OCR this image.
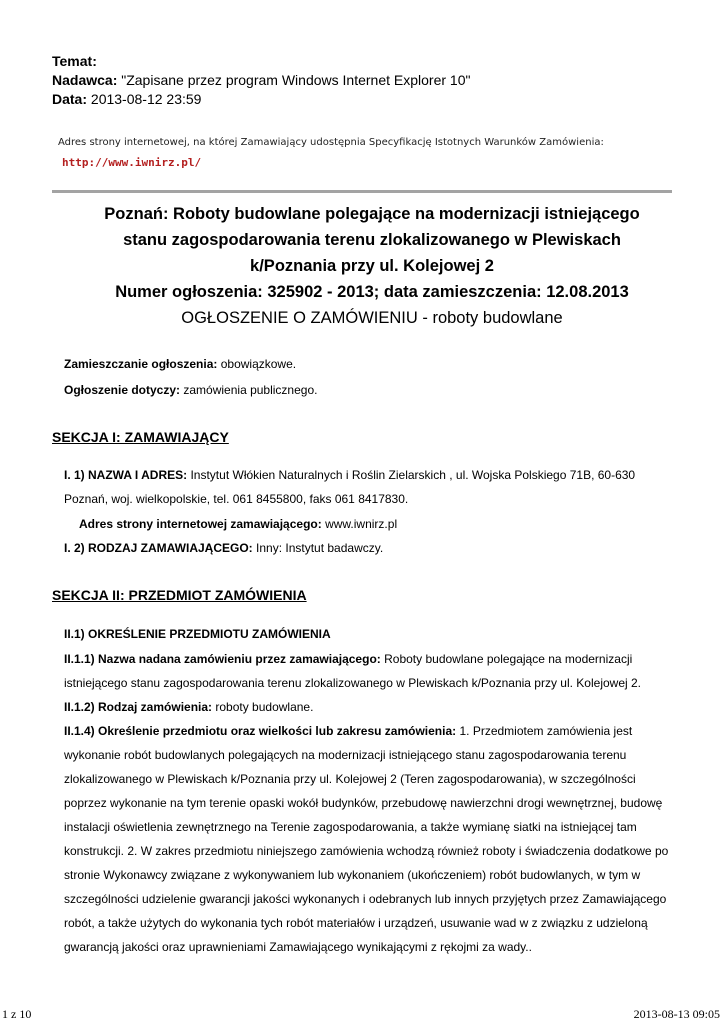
Temat:
Nadawca: "Zapisane przez program Windows Internet Explorer 10"
Data: 2013-08-12 23:59
Adres strony internetowej, na której Zamawiający udostępnia Specyfikację Istotnych Warunków Zamówienia:
http://www.iwnirz.pl/
Poznań: Roboty budowlane polegające na modernizacji istniejącego
stanu zagospodarowania terenu zlokalizowanego w Plewiskach
k/Poznania przy ul. Kolejowej 2
Numer ogłoszenia: 325902 - 2013; data zamieszczenia: 12.08.2013
OGŁOSZENIE O ZAMÓWIENIU - roboty budowlane
Zamieszczanie ogłoszenia: obowiązkowe.
Ogłoszenie dotyczy: zamówienia publicznego.
SEKCJA I: ZAMAWIAJĄCY
I. 1) NAZWA I ADRES: Instytut Włókien Naturalnych i Roślin Zielarskich , ul. Wojska Polskiego 71B, 60-630
Poznań, woj. wielkopolskie, tel. 061 8455800, faks 061 8417830.
Adres strony internetowej zamawiającego: www.iwnirz.pl
I. 2) RODZAJ ZAMAWIAJĄCEGO: Inny: Instytut badawczy.
SEKCJA II: PRZEDMIOT ZAMÓWIENIA
II.1) OKREŚLENIE PRZEDMIOTU ZAMÓWIENIA
II.1.1) Nazwa nadana zamówieniu przez zamawiającego: Roboty budowlane polegające na modernizacji
istniejącego stanu zagospodarowania terenu zlokalizowanego w Plewiskach k/Poznania przy ul. Kolejowej 2.
II.1.2) Rodzaj zamówienia: roboty budowlane.
II.1.4) Określenie przedmiotu oraz wielkości lub zakresu zamówienia: 1. Przedmiotem zamówienia jest
wykonanie robót budowlanych polegających na modernizacji istniejącego stanu zagospodarowania terenu
zlokalizowanego w Plewiskach k/Poznania przy ul. Kolejowej 2 (Teren zagospodarowania), w szczególności
poprzez wykonanie na tym terenie opaski wokół budynków, przebudowę nawierzchni drogi wewnętrznej, budowę
instalacji oświetlenia zewnętrznego na Terenie zagospodarowania, a także wymianę siatki na istniejącej tam
konstrukcji. 2. W zakres przedmiotu niniejszego zamówienia wchodzą również roboty i świadczenia dodatkowe po
stronie Wykonawcy związane z wykonywaniem lub wykonaniem (ukończeniem) robót budowlanych, w tym w
szczególności udzielenie gwarancji jakości wykonanych i odebranych lub innych przyjętych przez Zamawiającego
robót, a także użytych do wykonania tych robót materiałów i urządzeń, usuwanie wad w z związku z udzieloną
gwarancją jakości oraz uprawnieniami Zamawiającego wynikającymi z rękojmi za wady..
1 z 10	2013-08-13 09:05
